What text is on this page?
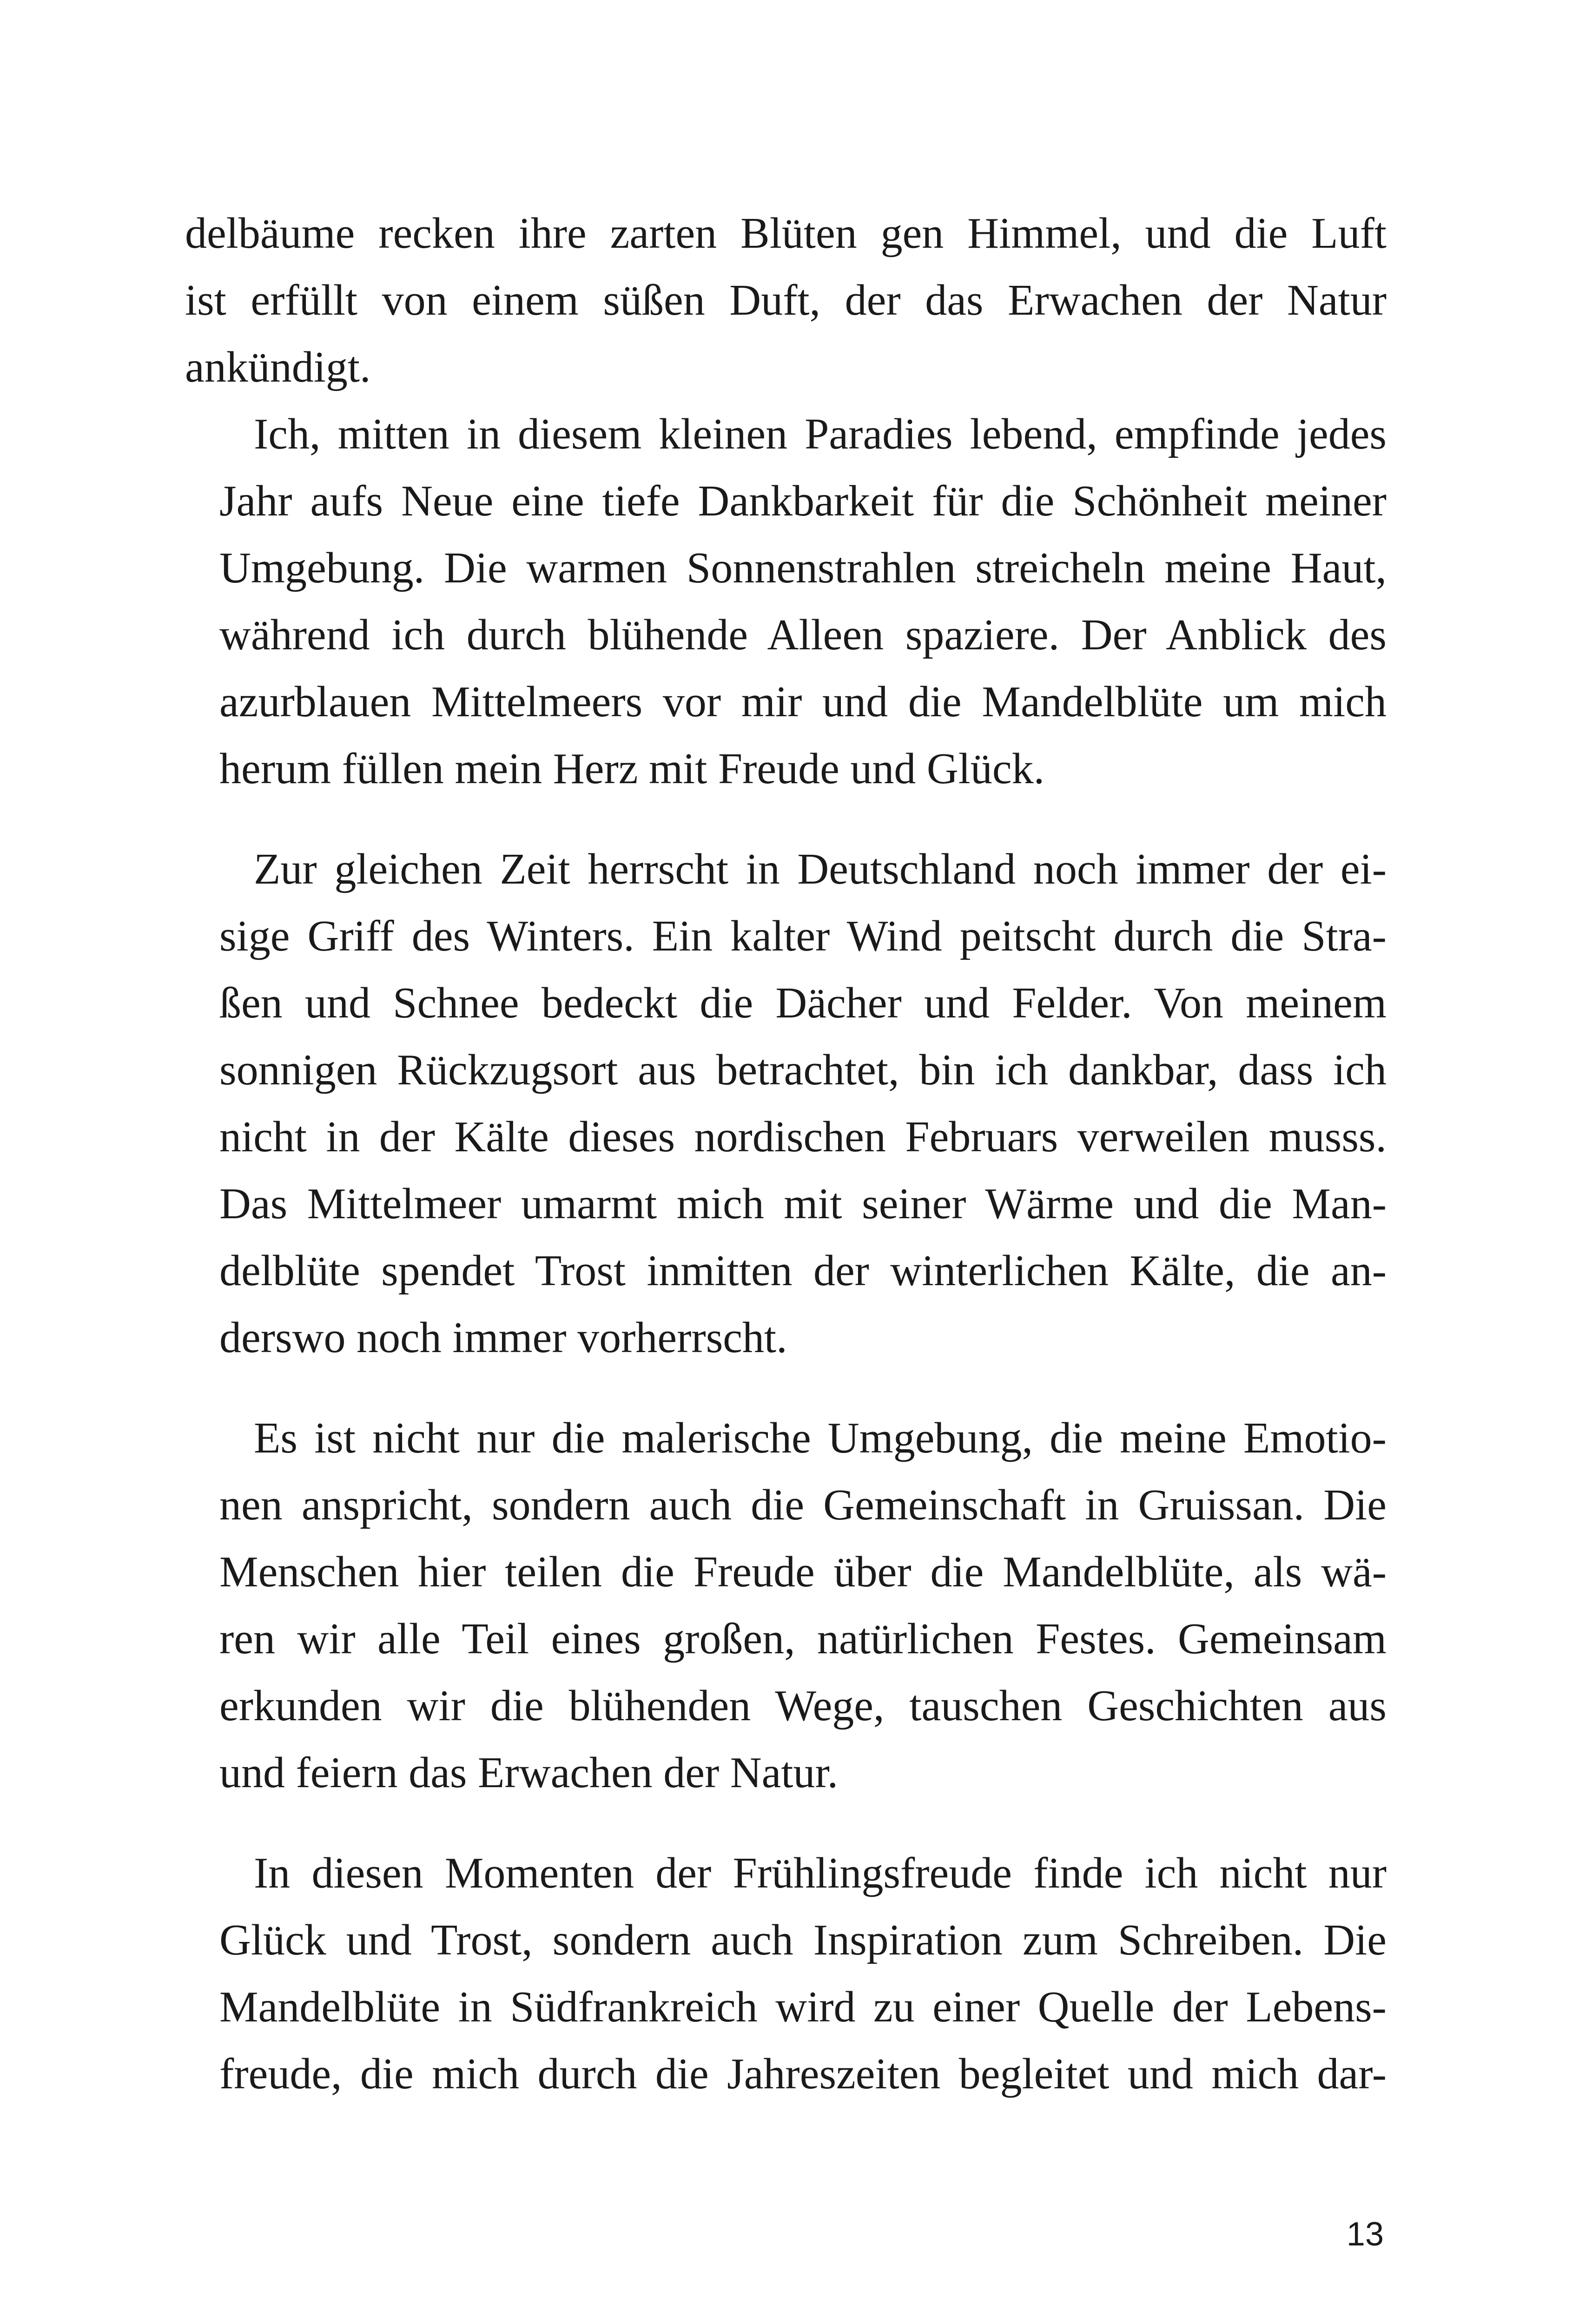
delbäume recken ihre zarten Blüten gen Himmel, und die Luft
ist erfüllt von einem süßen Duft, der das Erwachen der Natur
ankündigt.
Ich, mitten in diesem kleinen Paradies lebend, empfinde jedes
Jahr aufs Neue eine tiefe Dankbarkeit für die Schönheit meiner
Umgebung. Die warmen Sonnenstrahlen streicheln meine Haut,
während ich durch blühende Alleen spaziere. Der Anblick des
azurblauen Mittelmeers vor mir und die Mandelblüte um mich
herum füllen mein Herz mit Freude und Glück.
Zur gleichen Zeit herrscht in Deutschland noch immer der ei-
sige Griff des Winters. Ein kalter Wind peitscht durch die Stra-
ßen und Schnee bedeckt die Dächer und Felder. Von meinem
sonnigen Rückzugsort aus betrachtet, bin ich dankbar, dass ich
nicht in der Kälte dieses nordischen Februars verweilen musss.
Das Mittelmeer umarmt mich mit seiner Wärme und die Man-
delblüte spendet Trost inmitten der winterlichen Kälte, die an-
derswo noch immer vorherrscht.
Es ist nicht nur die malerische Umgebung, die meine Emotio-
nen anspricht, sondern auch die Gemeinschaft in Gruissan. Die
Menschen hier teilen die Freude über die Mandelblüte, als wä-
ren wir alle Teil eines großen, natürlichen Festes. Gemeinsam
erkunden wir die blühenden Wege, tauschen Geschichten aus
und feiern das Erwachen der Natur.
In diesen Momenten der Frühlingsfreude finde ich nicht nur
Glück und Trost, sondern auch Inspiration zum Schreiben. Die
Mandelblüte in Südfrankreich wird zu einer Quelle der Lebens-
freude, die mich durch die Jahreszeiten begleitet und mich dar-
13
